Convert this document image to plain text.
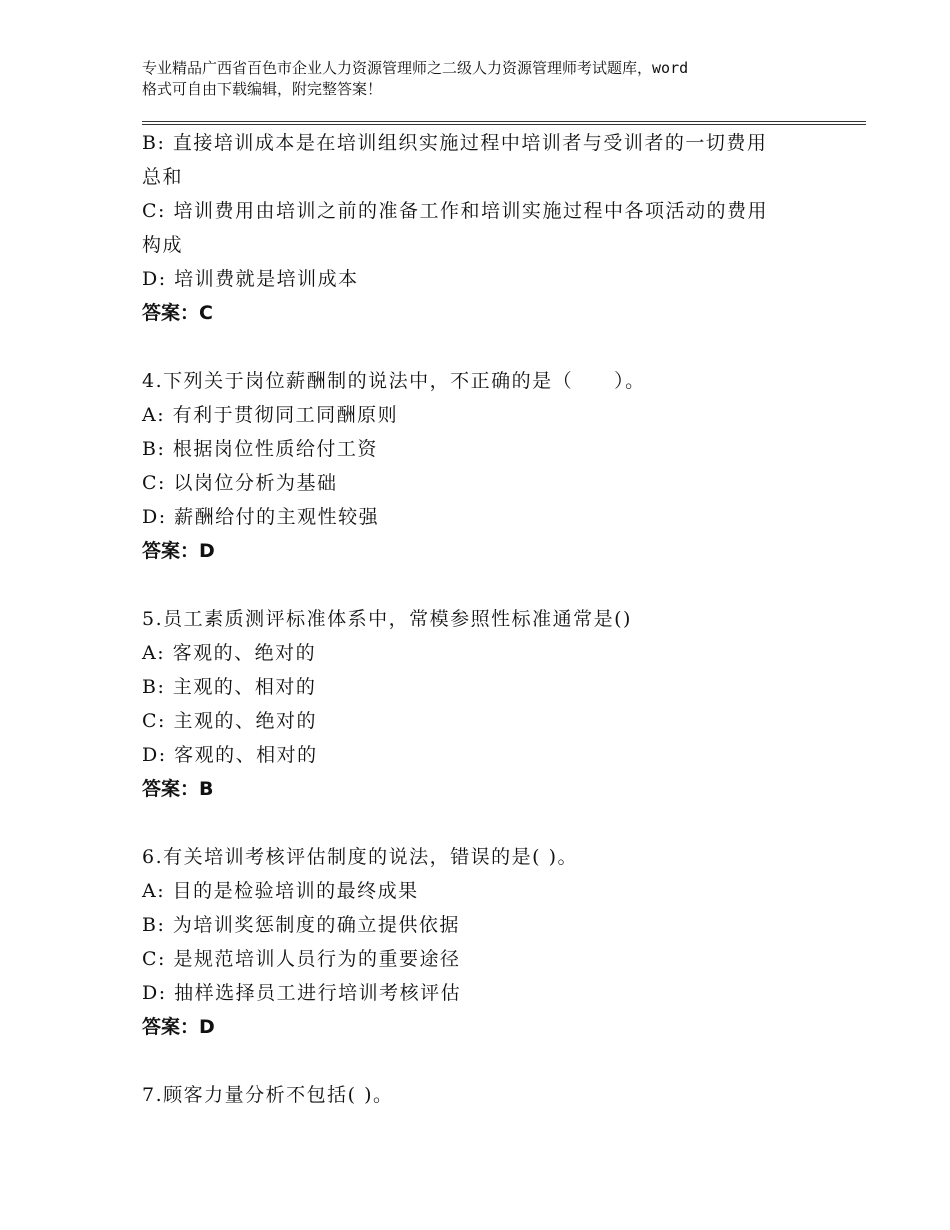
专业精品广西省百色市企业人力资源管理师之二级人力资源管理师考试题库，word
格式可自由下载编辑，附完整答案！
B: 直接培训成本是在培训组织实施过程中培训者与受训者的一切费用
总和
C: 培训费用由培训之前的准备工作和培训实施过程中各项活动的费用
构成
D: 培训费就是培训成本
答案：C
4.下列关于岗位薪酬制的说法中，不正确的是（　　）。
A: 有利于贯彻同工同酬原则
B: 根据岗位性质给付工资
C: 以岗位分析为基础
D: 薪酬给付的主观性较强
答案：D
5.员工素质测评标准体系中，常模参照性标准通常是()
A: 客观的、绝对的
B: 主观的、相对的
C: 主观的、绝对的
D: 客观的、相对的
答案：B
6.有关培训考核评估制度的说法，错误的是( )。
A: 目的是检验培训的最终成果
B: 为培训奖惩制度的确立提供依据
C: 是规范培训人员行为的重要途径
D: 抽样选择员工进行培训考核评估
答案：D
7.顾客力量分析不包括( )。
